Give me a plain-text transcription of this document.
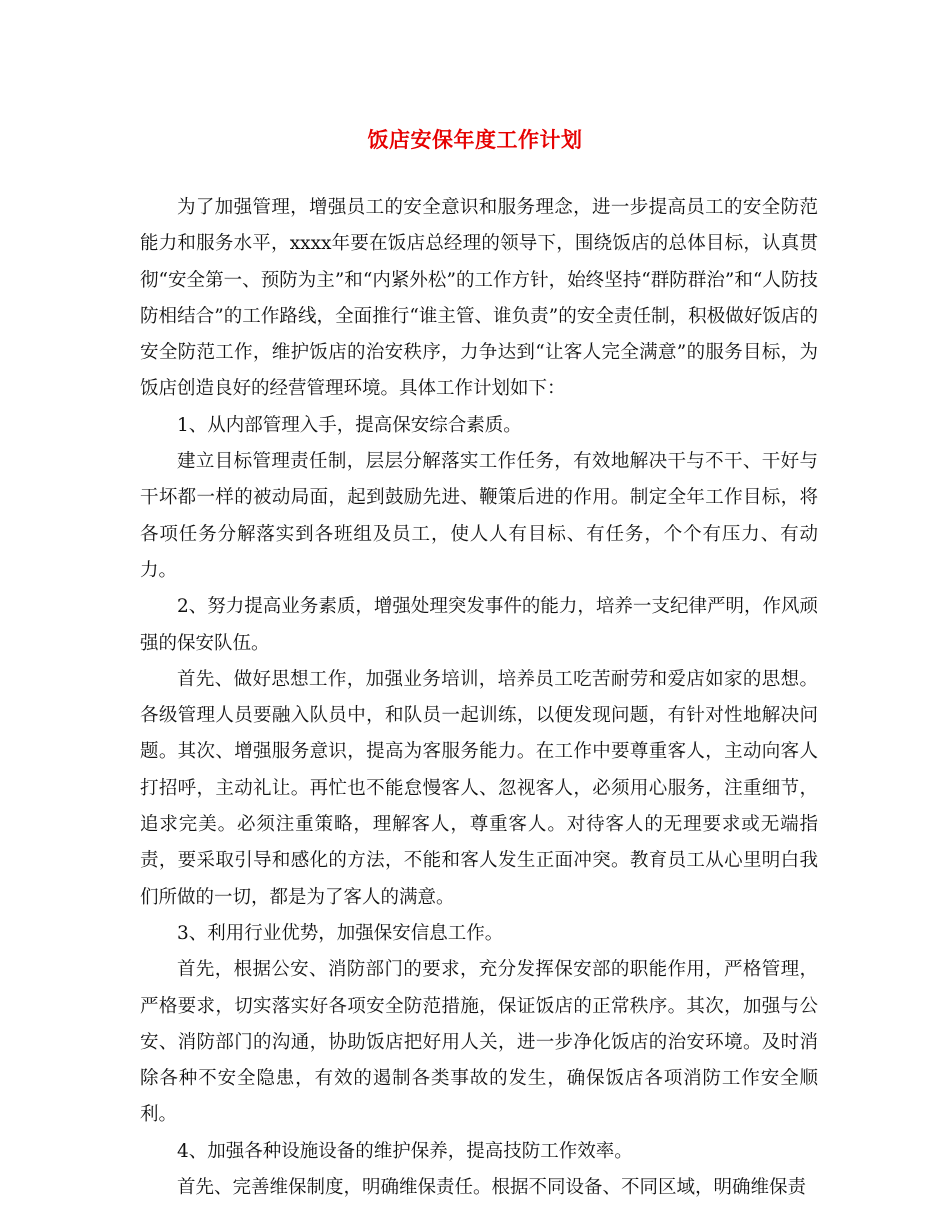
饭店安保年度工作计划

为了加强管理，增强员工的安全意识和服务理念，进一步提高员工的安全防范能力和服务水平，xxxx年要在饭店总经理的领导下，围绕饭店的总体目标，认真贯彻“安全第一、预防为主”和“内紧外松”的工作方针，始终坚持“群防群治”和“人防技防相结合”的工作路线，全面推行“谁主管、谁负责”的安全责任制，积极做好饭店的安全防范工作，维护饭店的治安秩序，力争达到“让客人完全满意”的服务目标，为饭店创造良好的经营管理环境。具体工作计划如下：

1、从内部管理入手，提高保安综合素质。

建立目标管理责任制，层层分解落实工作任务，有效地解决干与不干、干好与干坏都一样的被动局面，起到鼓励先进、鞭策后进的作用。制定全年工作目标，将各项任务分解落实到各班组及员工，使人人有目标、有任务，个个有压力、有动力。

2、努力提高业务素质，增强处理突发事件的能力，培养一支纪律严明，作风顽强的保安队伍。

首先、做好思想工作，加强业务培训，培养员工吃苦耐劳和爱店如家的思想。各级管理人员要融入队员中，和队员一起训练，以便发现问题，有针对性地解决问题。其次、增强服务意识，提高为客服务能力。在工作中要尊重客人，主动向客人打招呼，主动礼让。再忙也不能怠慢客人、忽视客人，必须用心服务，注重细节，追求完美。必须注重策略，理解客人，尊重客人。对待客人的无理要求或无端指责，要采取引导和感化的方法，不能和客人发生正面冲突。教育员工从心里明白我们所做的一切，都是为了客人的满意。

3、利用行业优势，加强保安信息工作。

首先，根据公安、消防部门的要求，充分发挥保安部的职能作用，严格管理，严格要求，切实落实好各项安全防范措施，保证饭店的正常秩序。其次，加强与公安、消防部门的沟通，协助饭店把好用人关，进一步净化饭店的治安环境。及时消除各种不安全隐患，有效的遏制各类事故的发生，确保饭店各项消防工作安全顺利。

4、加强各种设施设备的维护保养，提高技防工作效率。

首先、完善维保制度，明确维保责任。根据不同设备、不同区域，明确维保责
